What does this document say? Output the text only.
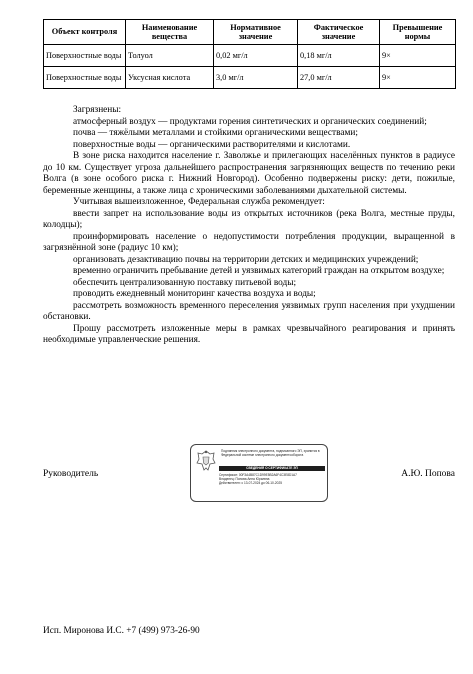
Объект контроля	Наименование вещества	Нормативное значение	Фактическое значение	Превышение нормы
Поверхностные воды	Толуол	0,02 мг/л	0,18 мг/л	9×
Поверхностные воды	Уксусная кислота	3,0 мг/л	27,0 мг/л	9×

Загрязнены:

атмосферный воздух — продуктами горения синтетических и органических соединений;

почва — тяжёлыми металлами и стойкими органическими веществами;

поверхностные воды — органическими растворителями и кислотами.

В зоне риска находится население г. Заволжье и прилегающих населённых пунктов в радиусе до 10 км. Существует угроза дальнейшего распространения загрязняющих веществ по течению реки Волга (в зоне особого риска г. Нижний Новгород). Особенно подвержены риску: дети, пожилые, беременные женщины, а также лица с хроническими заболеваниями дыхательной системы.

Учитывая вышеизложенное, Федеральная служба рекомендует:

ввести запрет на использование воды из открытых источников (река Волга, местные пруды, колодцы);

проинформировать население о недопустимости потребления продукции, выращенной в загрязнённой зоне (радиус 10 км);

организовать дезактивацию почвы на территории детских и медицинских учреждений;

временно ограничить пребывание детей и уязвимых категорий граждан на открытом воздухе;

обеспечить централизованную поставку питьевой воды;

проводить ежедневный мониторинг качества воздуха и воды;

рассмотреть возможность временного переселения уязвимых групп населения при ухудшении обстановки.

Прошу рассмотреть изложенные меры в рамках чрезвычайного реагирования и принять необходимые управленческие решения.

Руководитель	А.Ю. Попова
Подлинник электронного документа, подписанного ЭП, хранится в Федеральной системе электронного документооборота
СВЕДЕНИЯ О СЕРТИФИКАТЕ ЭП
Сертификат: 00F3A4B87C1D99E5B2A6F4C3E8D1A7
Владелец: Попова Анна Юрьевна
Действителен: с 13-07-2024 до 06-10-2025
Исп. Миронова И.С. +7 (499) 973-26-90
